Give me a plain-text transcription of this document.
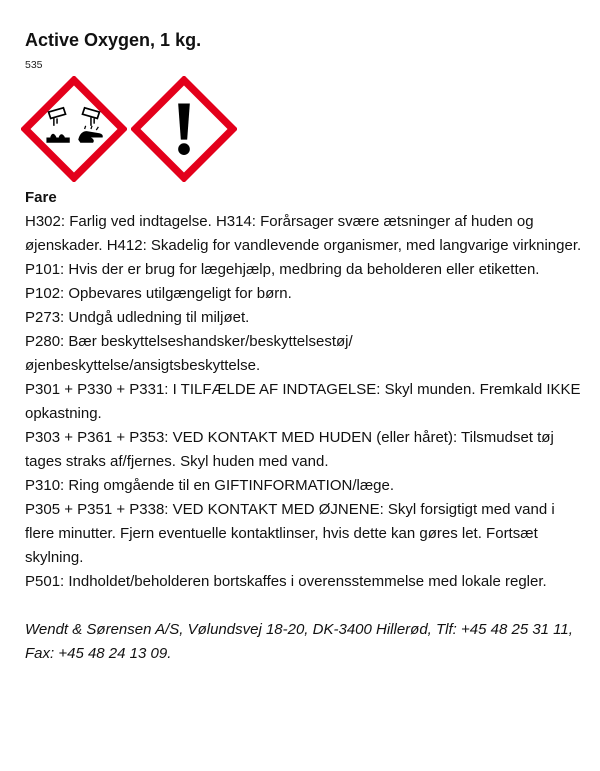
Active Oxygen, 1 kg.
535
Fare

H302: Farlig ved indtagelse. H314: Forårsager svære ætsninger af huden og øjenskader. H412: Skadelig for vandlevende organismer, med langvarige virkninger.

P101: Hvis der er brug for lægehjælp, medbring da beholderen eller etiketten.

P102: Opbevares utilgængeligt for børn.

P273: Undgå udledning til miljøet.

P280: Bær beskyttelseshandsker/beskyttelsestøj/ øjenbeskyttelse/ansigtsbeskyttelse.

P301 + P330 + P331: I TILFÆLDE AF INDTAGELSE: Skyl munden. Fremkald IKKE opkastning.

P303 + P361 + P353: VED KONTAKT MED HUDEN (eller håret): Tilsmudset tøj tages straks af/fjernes. Skyl huden med vand.

P310: Ring omgående til en GIFTINFORMATION/læge.

P305 + P351 + P338: VED KONTAKT MED ØJNENE: Skyl forsigtigt med vand i flere minutter. Fjern eventuelle kontaktlinser, hvis dette kan gøres let. Fortsæt skylning.

P501: Indholdet/beholderen bortskaffes i overensstemmelse med lokale regler.

Wendt & Sørensen A/S, Vølundsvej 18-20, DK-3400 Hillerød, Tlf: +45 48 25 31 11, Fax: +45 48 24 13 09.
